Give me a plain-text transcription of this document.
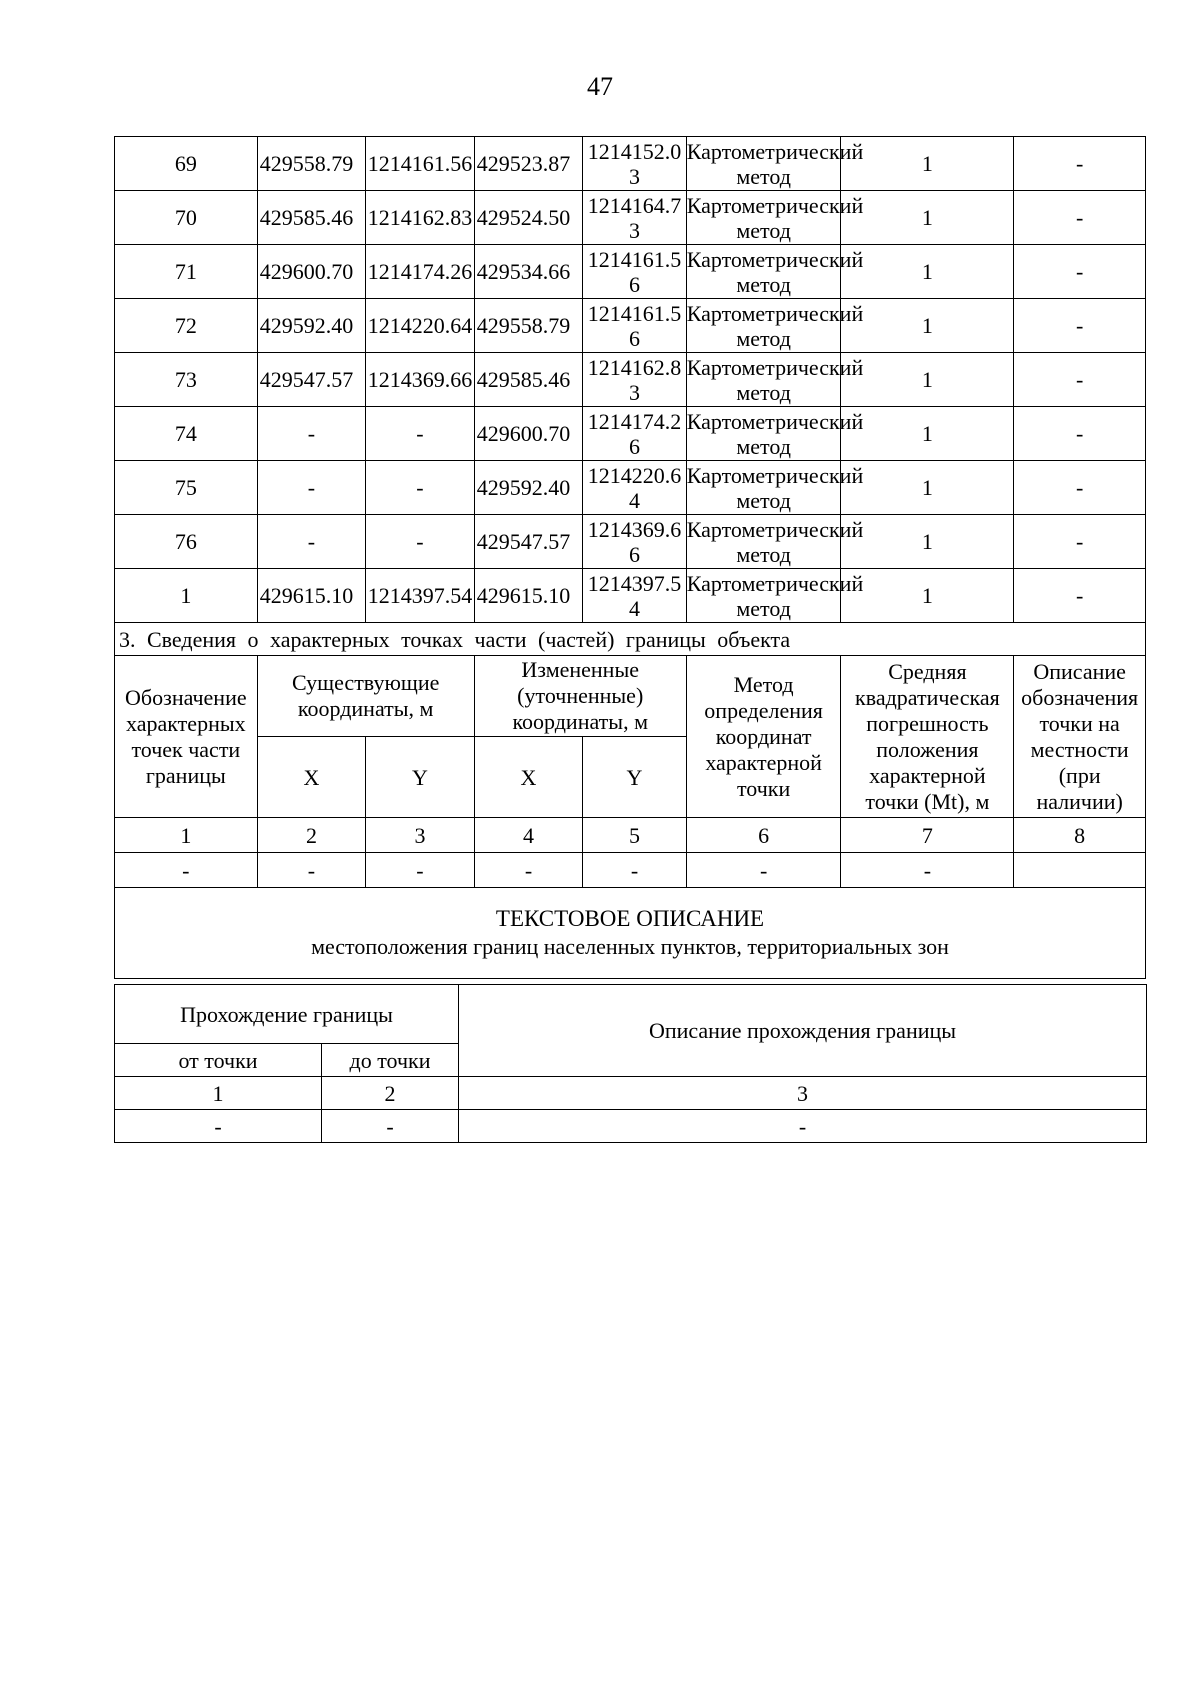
47
69	429558.79	1214161.56	429523.87	1214152.03	Картометрический метод	1	-
70	429585.46	1214162.83	429524.50	1214164.73	Картометрический метод	1	-
71	429600.70	1214174.26	429534.66	1214161.56	Картометрический метод	1	-
72	429592.40	1214220.64	429558.79	1214161.56	Картометрический метод	1	-
73	429547.57	1214369.66	429585.46	1214162.83	Картометрический метод	1	-
74	-	-	429600.70	1214174.26	Картометрический метод	1	-
75	-	-	429592.40	1214220.64	Картометрический метод	1	-
76	-	-	429547.57	1214369.66	Картометрический метод	1	-
1	429615.10	1214397.54	429615.10	1214397.54	Картометрический метод	1	-
3. Сведения о характерных точках части (частей) границы объекта							
Обозначение характерных точек части границы	Существующие координаты, м		Измененные (уточненные) координаты, м		Метод определения координат характерной точки	Средняя квадратическая погрешность положения характерной точки (Mt), м	Описание обозначения точки на местности (при наличии)
	X	Y	X	Y			
1	2	3	4	5	6	7	8
-	-	-	-	-	-	-	

ТЕКСТОВОЕ ОПИСАНИЕ
местоположения границ населенных пунктов, территориальных зон							
Прохождение границы		Описание прохождения границы
от точки	до точки	
1	2	3
-	-	-
